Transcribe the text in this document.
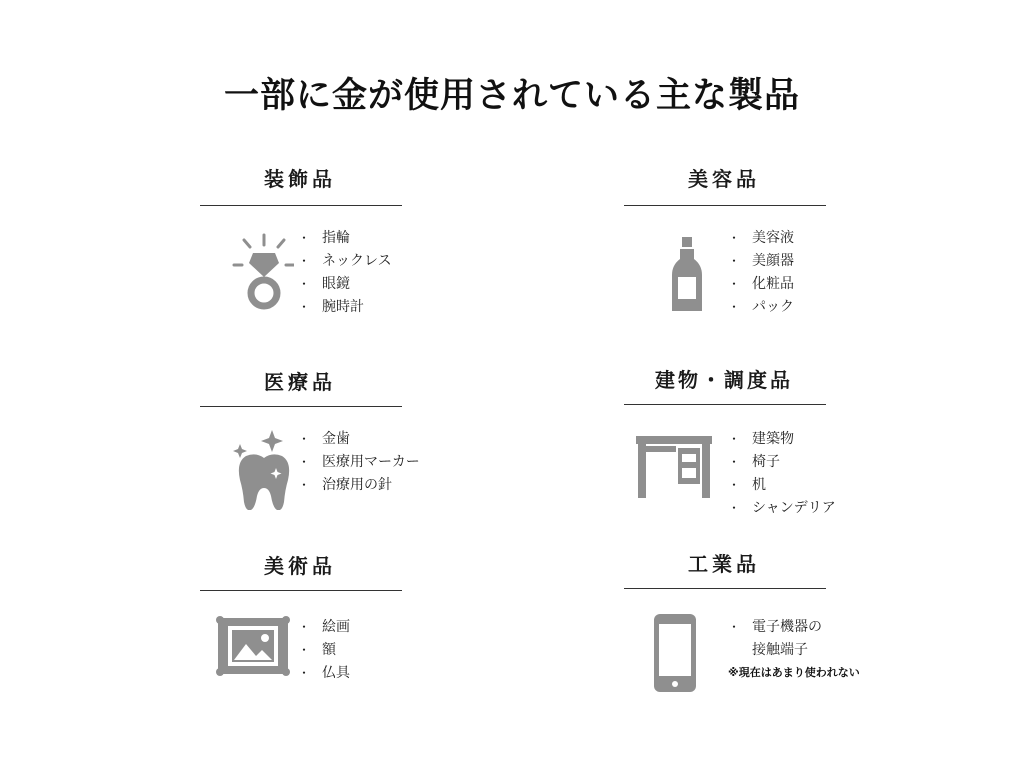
一部に金が使用されている主な製品
装飾品
・ 指輪
・ ネックレス
・ 眼鏡
・ 腕時計
美容品
・ 美容液
・ 美顔器
・ 化粧品
・ パック
医療品
・ 金歯
・ 医療用マーカー
・ 治療用の針
建物・調度品
・ 建築物
・ 椅子
・ 机
・ シャンデリア
美術品
・ 絵画
・ 額
・ 仏具
工業品
・ 電子機器の
接触端子
※現在はあまり使われない
